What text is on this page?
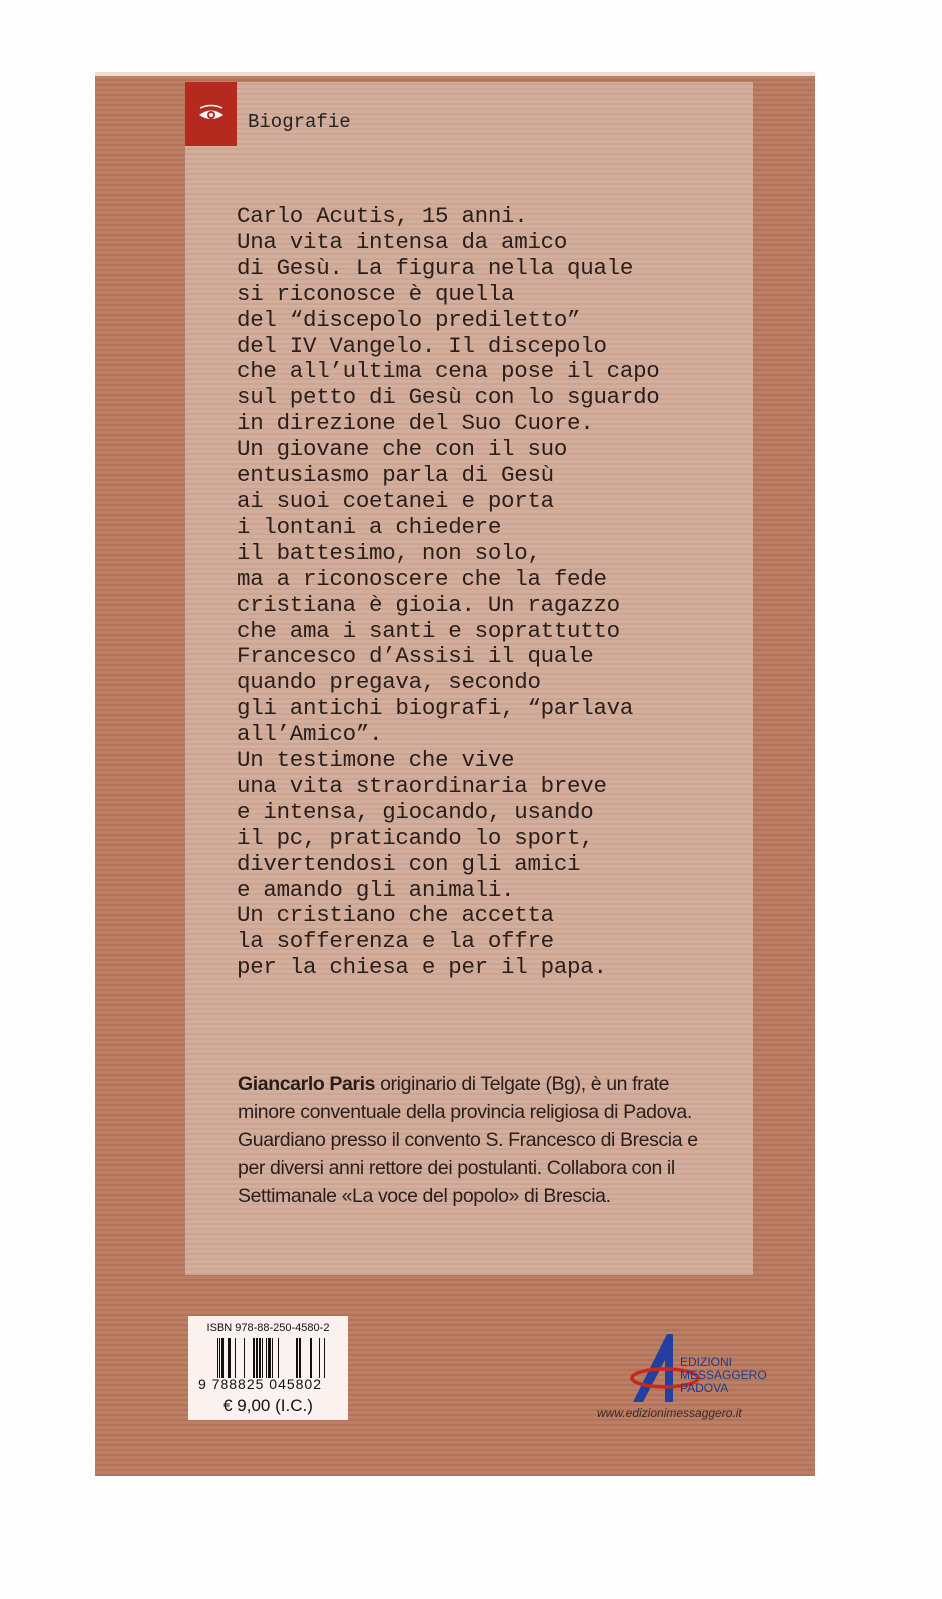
Biografie
Carlo Acutis, 15 anni.
Una vita intensa da amico
di Gesù. La figura nella quale
si riconosce è quella
del “discepolo prediletto”
del IV Vangelo. Il discepolo
che all’ultima cena pose il capo
sul petto di Gesù con lo sguardo
in direzione del Suo Cuore.
Un giovane che con il suo
entusiasmo parla di Gesù
ai suoi coetanei e porta
i lontani a chiedere
il battesimo, non solo,
ma a riconoscere che la fede
cristiana è gioia. Un ragazzo
che ama i santi e soprattutto
Francesco d’Assisi il quale
quando pregava, secondo
gli antichi biografi, “parlava
all’Amico”.
Un testimone che vive
una vita straordinaria breve
e intensa, giocando, usando
il pc, praticando lo sport,
divertendosi con gli amici
e amando gli animali.
Un cristiano che accetta
la sofferenza e la offre
per la chiesa e per il papa.
Giancarlo Paris originario di Telgate (Bg), è un frate minore conventuale della provincia religiosa di Padova. Guardiano presso il convento S. Francesco di Brescia e per diversi anni rettore dei postulanti. Collabora con il Settimanale «La voce del popolo» di Brescia.
ISBN 978-88-250-4580-2
9 788825 045802
€ 9,00 (I.C.)
EDIZIONI
MESSAGGERO
PADOVA
www.edizionimessaggero.it
